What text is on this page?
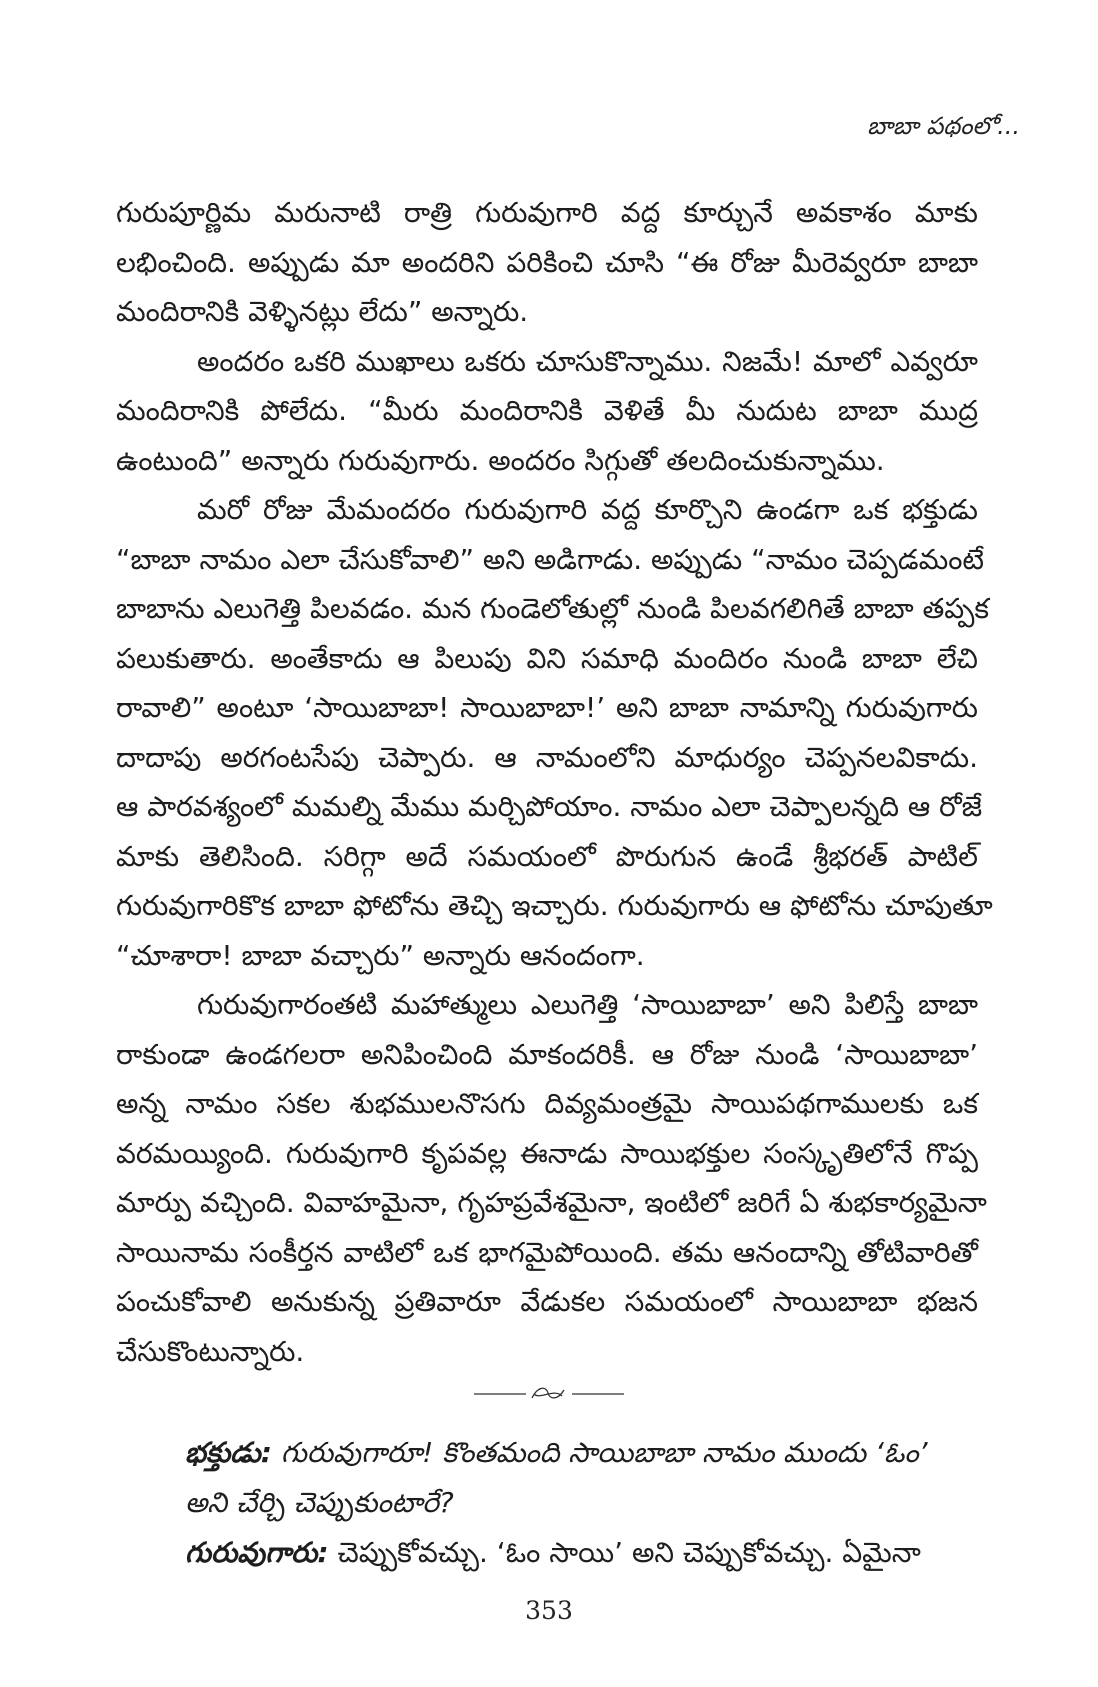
బాబా పథంలో...
గురుపూర్ణిమ మరునాటి రాత్రి గురువుగారి వద్ద కూర్చునే అవకాశం మాకు
లభించింది. అప్పుడు మా అందరిని పరికించి చూసి “ఈ రోజు మీరెవ్వరూ బాబా
మందిరానికి వెళ్ళినట్లు లేదు” అన్నారు.
అందరం ఒకరి ముఖాలు ఒకరు చూసుకొన్నాము. నిజమే! మాలో ఎవ్వరూ
మందిరానికి పోలేదు. “మీరు మందిరానికి వెళితే మీ నుదుట బాబా ముద్ర
ఉంటుంది” అన్నారు గురువుగారు. అందరం సిగ్గుతో తలదించుకున్నాము.
మరో రోజు మేమందరం గురువుగారి వద్ద కూర్చొని ఉండగా ఒక భక్తుడు
“బాబా నామం ఎలా చేసుకోవాలి” అని అడిగాడు. అప్పుడు “నామం చెప్పడమంటే
బాబాను ఎలుగెత్తి పిలవడం. మన గుండెలోతుల్లో నుండి పిలవగలిగితే బాబా తప్పక
పలుకుతారు. అంతేకాదు ఆ పిలుపు విని సమాధి మందిరం నుండి బాబా లేచి
రావాలి” అంటూ ‘సాయిబాబా! సాయిబాబా!’ అని బాబా నామాన్ని గురువుగారు
దాదాపు అరగంటసేపు చెప్పారు. ఆ నామంలోని మాధుర్యం చెప్పనలవికాదు.
ఆ పారవశ్యంలో మమల్ని మేము మర్చిపోయాం. నామం ఎలా చెప్పాలన్నది ఆ రోజే
మాకు తెలిసింది. సరిగ్గా అదే సమయంలో పొరుగున ఉండే శ్రీభరత్ పాటిల్
గురువుగారికొక బాబా ఫోటోను తెచ్చి ఇచ్చారు. గురువుగారు ఆ ఫోటోను చూపుతూ
“చూశారా! బాబా వచ్చారు” అన్నారు ఆనందంగా.
గురువుగారంతటి మహాత్ములు ఎలుగెత్తి ‘సాయిబాబా’ అని పిలిస్తే బాబా
రాకుండా ఉండగలరా అనిపించింది మాకందరికీ. ఆ రోజు నుండి ‘సాయిబాబా’
అన్న నామం సకల శుభములనొసగు దివ్యమంత్రమై సాయిపథగాములకు ఒక
వరమయ్యింది. గురువుగారి కృపవల్ల ఈనాడు సాయిభక్తుల సంస్కృతిలోనే గొప్ప
మార్పు వచ్చింది. వివాహమైనా, గృహప్రవేశమైనా, ఇంటిలో జరిగే ఏ శుభకార్యమైనా
సాయినామ సంకీర్తన వాటిలో ఒక భాగమైపోయింది. తమ ఆనందాన్ని తోటివారితో
పంచుకోవాలి అనుకున్న ప్రతివారూ వేడుకల సమయంలో సాయిబాబా భజన
చేసుకొంటున్నారు.
భక్తుడు: గురువుగారూ! కొంతమంది సాయిబాబా నామం ముందు ‘ఓం’
అని చేర్చి చెప్పుకుంటారే?
గురువుగారు: చెప్పుకోవచ్చు. ‘ఓం సాయి’ అని చెప్పుకోవచ్చు. ఏమైనా
353
